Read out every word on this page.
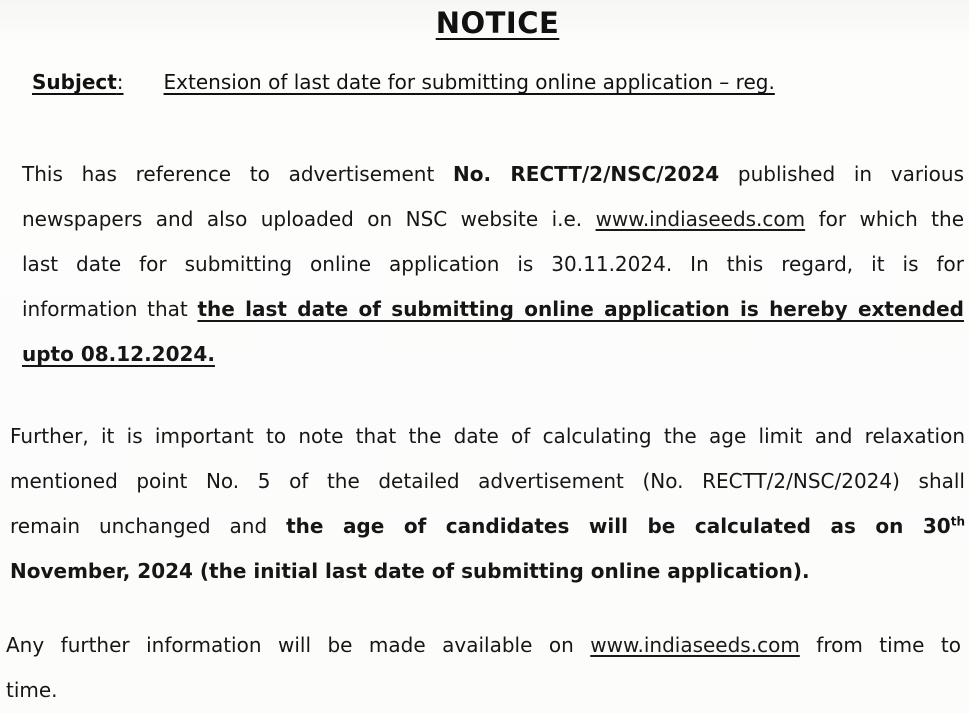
NOTICE
Subject: Extension of last date for submitting online application – reg.
This has reference to advertisement No. RECTT/2/NSC/2024 published in various
newspapers and also uploaded on NSC website i.e. www.indiaseeds.com for which the
last date for submitting online application is 30.11.2024. In this regard, it is for
information that the last date of submitting online application is hereby extended
upto 08.12.2024.
Further, it is important to note that the date of calculating the age limit and relaxation
mentioned point No. 5 of the detailed advertisement (No. RECTT/2/NSC/2024) shall
remain unchanged and the age of candidates will be calculated as on 30th
November, 2024 (the initial last date of submitting online application).
Any further information will be made available on www.indiaseeds.com from time to
time.
